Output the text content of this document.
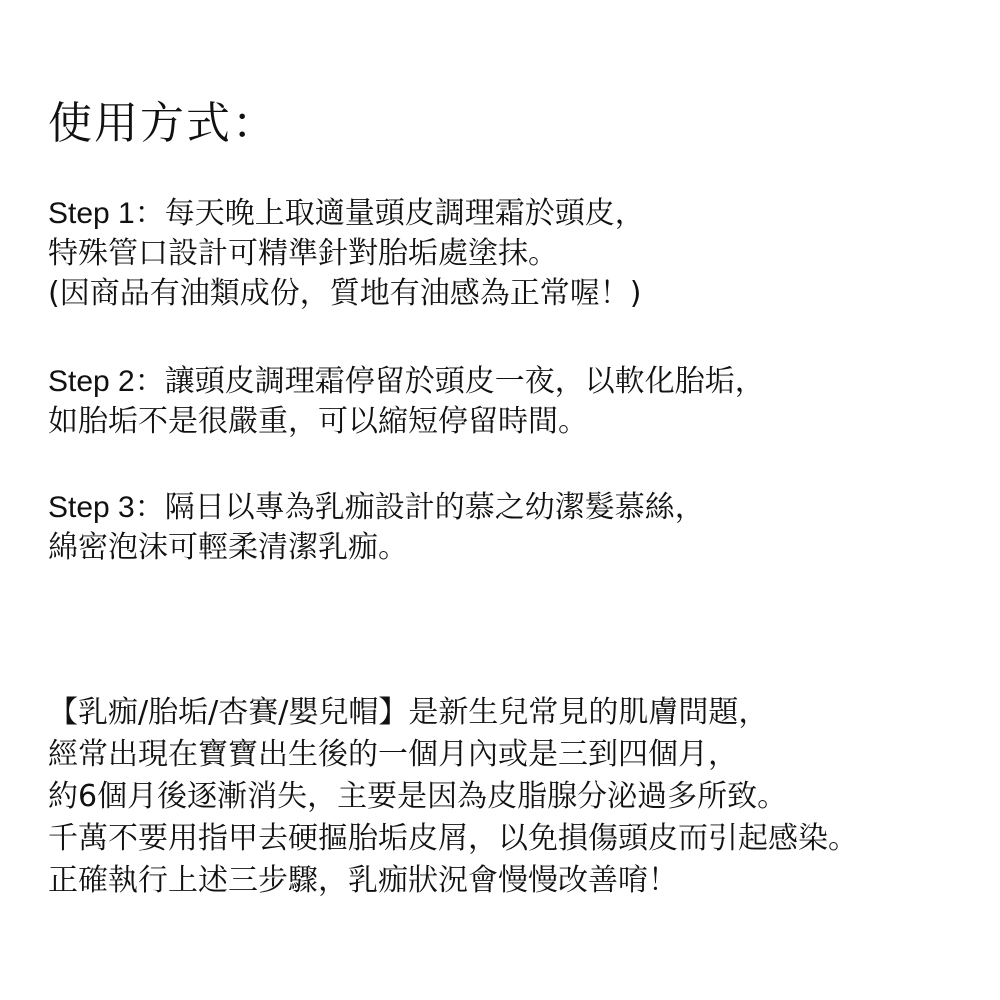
使用方式：
Step 1：每天晚上取適量頭皮調理霜於頭皮，
特殊管口設計可精準針對胎垢處塗抹。
(因商品有油類成份，質地有油感為正常喔！)
Step 2：讓頭皮調理霜停留於頭皮一夜，以軟化胎垢，
如胎垢不是很嚴重，可以縮短停留時間。
Step 3：隔日以專為乳痂設計的慕之幼潔髮慕絲，
綿密泡沫可輕柔清潔乳痂。
【乳痂/胎垢/杏賽/嬰兒帽】是新生兒常見的肌膚問題，
經常出現在寶寶出生後的一個月內或是三到四個月，
約6個月後逐漸消失，主要是因為皮脂腺分泌過多所致。
千萬不要用指甲去硬摳胎垢皮屑，以免損傷頭皮而引起感染。
正確執行上述三步驟，乳痂狀況會慢慢改善唷！
